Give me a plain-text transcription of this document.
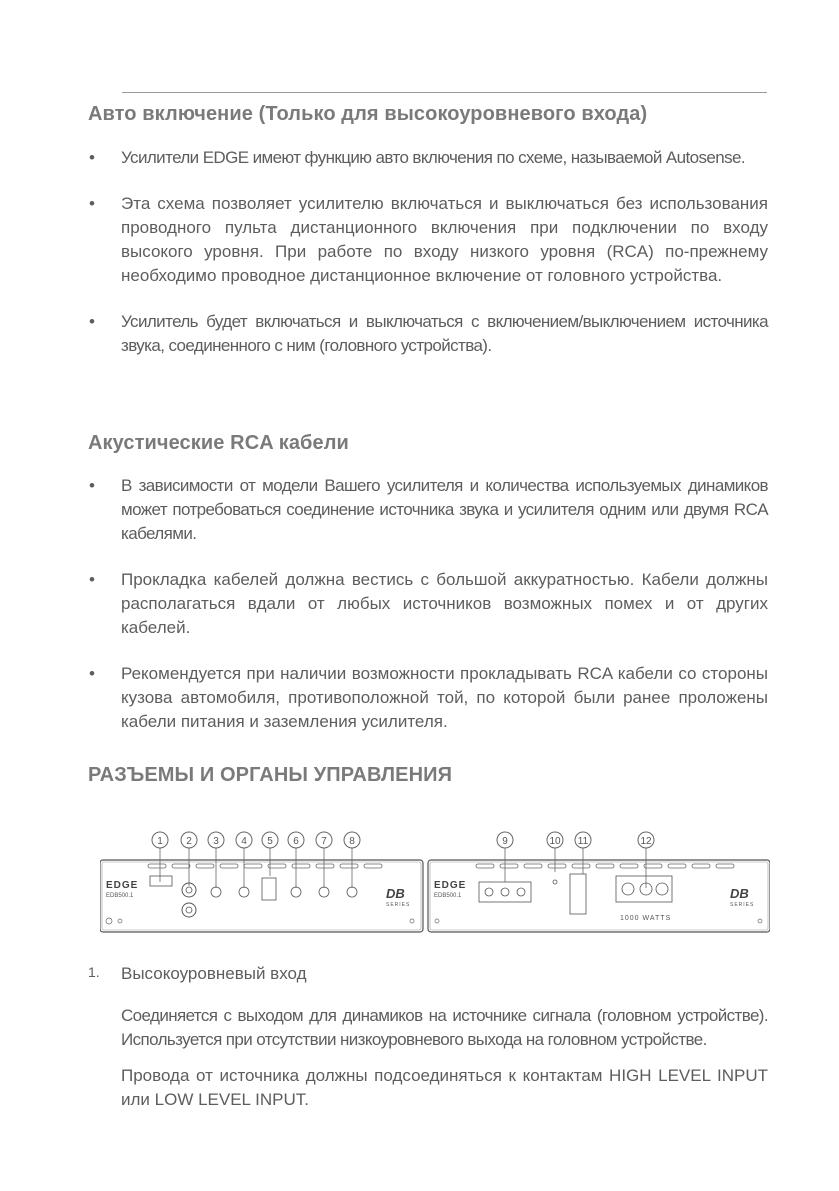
Авто включение (Только для высокоуровневого входа)
• Усилители EDGE имеют функцию авто включения по схеме, называемой Autosense.
• Эта схема позволяет усилителю включаться и выключаться без использования проводного пульта дистанционного включения при подключении по входу высокого уровня. При работе по входу низкого уровня (RCA) по-прежнему необходимо проводное дистанционное включение от головного устройства.
• Усилитель будет включаться и выключаться с включением/выключением источника звука, соединенного с ним (головного устройства).
Акустические RCA кабели
• В зависимости от модели Вашего усилителя и количества используемых динамиков может потребоваться соединение источника звука и усилителя одним или двумя RCA кабелями.
• Прокладка кабелей должна вестись с большой аккуратностью. Кабели должны располагаться вдали от любых источников возможных помех и от других кабелей.
• Рекомендуется при наличии возможности прокладывать RCA кабели со стороны кузова автомобиля, противоположной той, по которой были ранее проложены кабели питания и заземления усилителя.
РАЗЪЕМЫ И ОРГАНЫ УПРАВЛЕНИЯ
1 2 3 4 5 6 7 8	9	10 11	12
EDGE
EDB500.1	DB
SERIES
EDGE
EDB500.1
1000 WATTS
DB
SERIES
1.	Высокоуровневый вход

Соединяется с выходом для динамиков на источнике сигнала (головном устройстве). Используется при отсутствии низкоуровневого выхода на головном устройстве.

Провода от источника должны подсоединяться к контактам HIGH LEVEL INPUT или LOW LEVEL INPUT.
